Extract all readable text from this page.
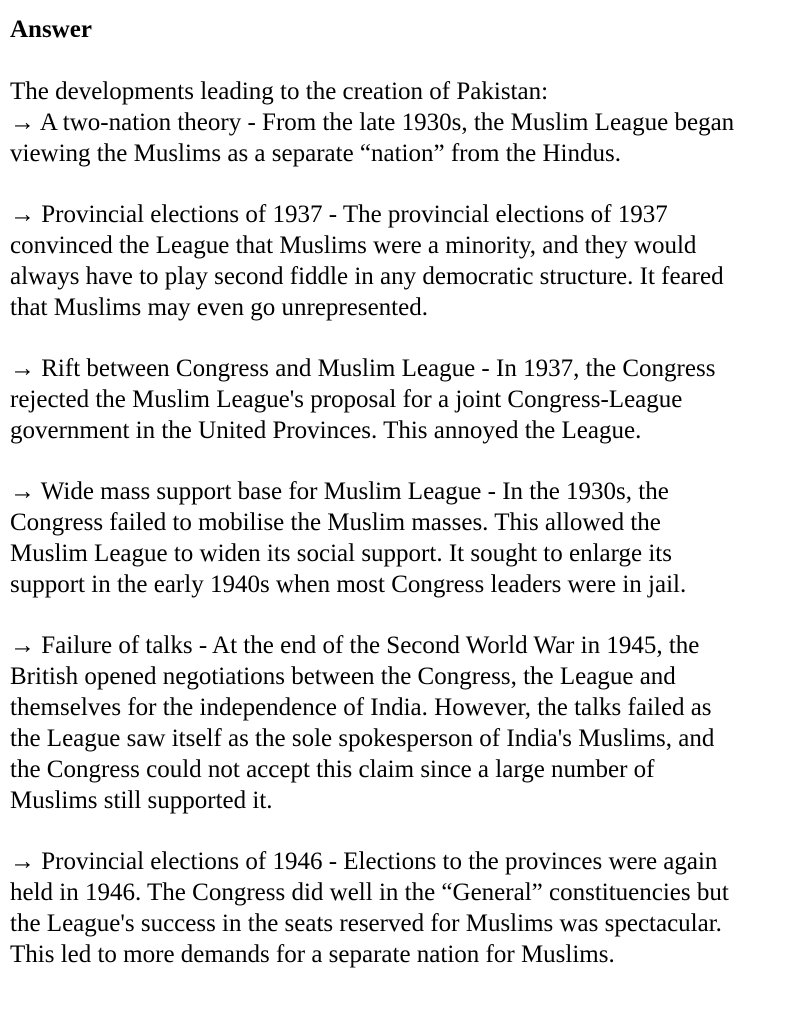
Answer
The developments leading to the creation of Pakistan:
→ A two-nation theory - From the late 1930s, the Muslim League began
viewing the Muslims as a separate “nation” from the Hindus.
→ Provincial elections of 1937 - The provincial elections of 1937
convinced the League that Muslims were a minority, and they would
always have to play second fiddle in any democratic structure. It feared
that Muslims may even go unrepresented.
→ Rift between Congress and Muslim League - In 1937, the Congress
rejected the Muslim League's proposal for a joint Congress-League
government in the United Provinces. This annoyed the League.
→ Wide mass support base for Muslim League - In the 1930s, the
Congress failed to mobilise the Muslim masses. This allowed the
Muslim League to widen its social support. It sought to enlarge its
support in the early 1940s when most Congress leaders were in jail.
→ Failure of talks - At the end of the Second World War in 1945, the
British opened negotiations between the Congress, the League and
themselves for the independence of India. However, the talks failed as
the League saw itself as the sole spokesperson of India's Muslims, and
the Congress could not accept this claim since a large number of
Muslims still supported it.
→ Provincial elections of 1946 - Elections to the provinces were again
held in 1946. The Congress did well in the “General” constituencies but
the League's success in the seats reserved for Muslims was spectacular.
This led to more demands for a separate nation for Muslims.
